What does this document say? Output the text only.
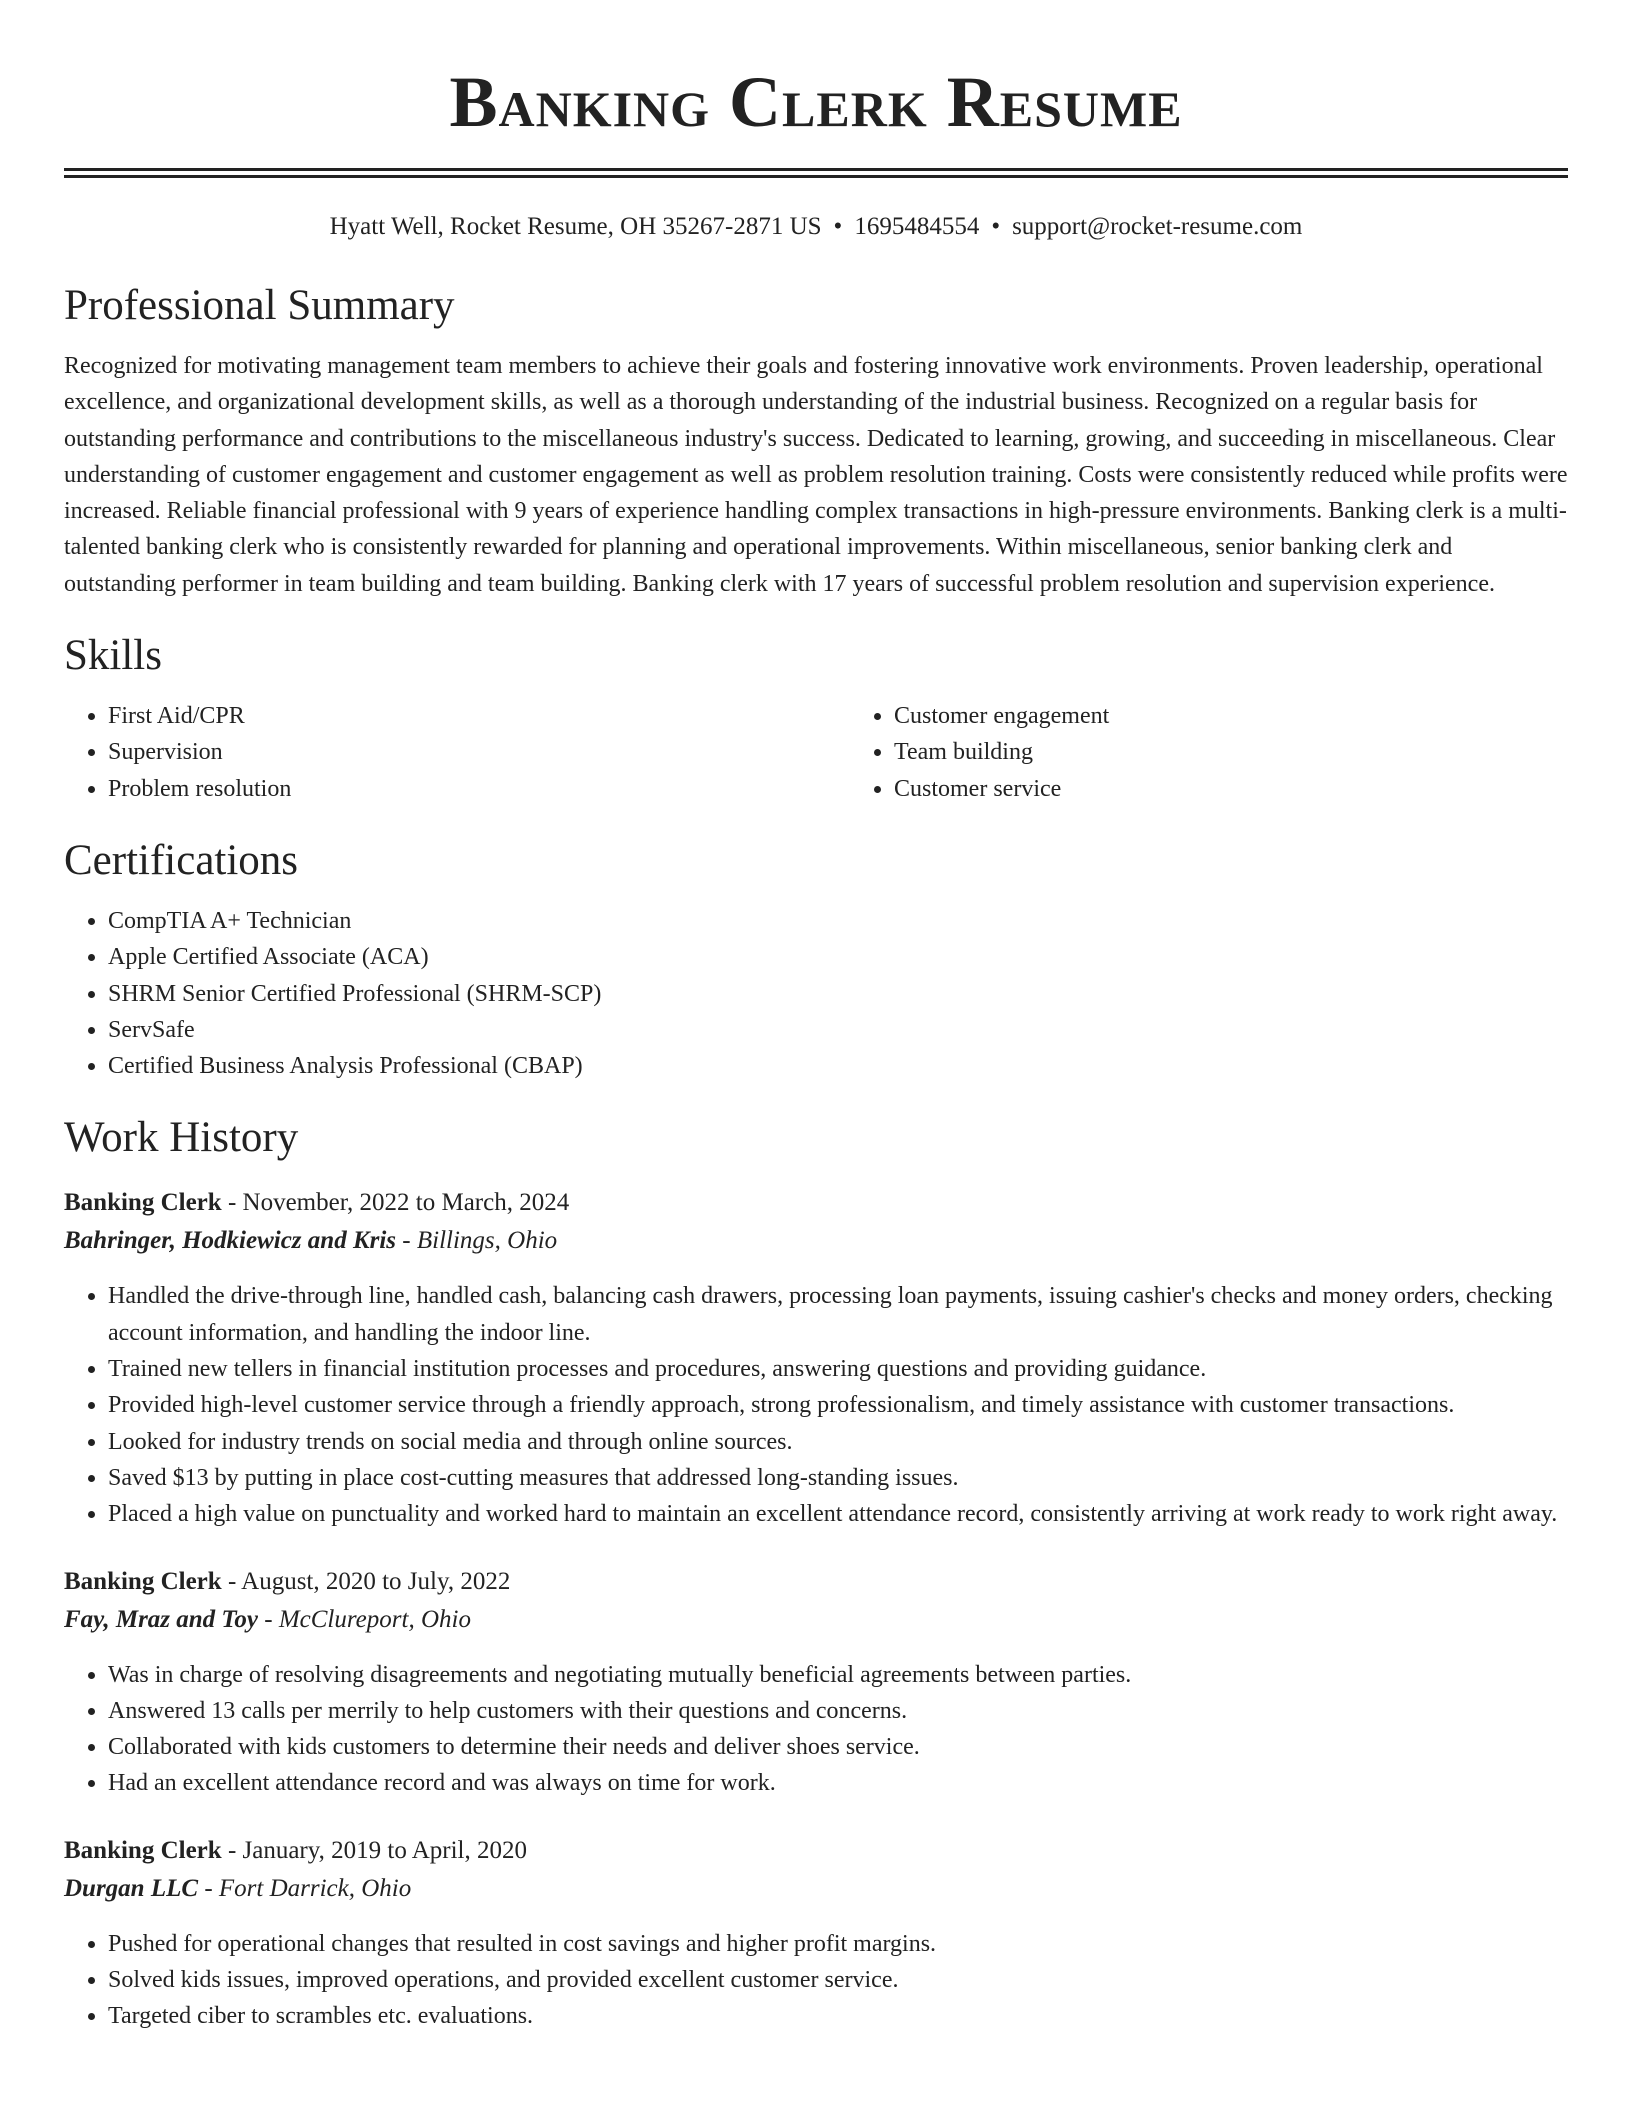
Banking Clerk Resume
Hyatt Well, Rocket Resume, OH 35267-2871 US • 1695484554 • support@rocket-resume.com
Professional Summary
Recognized for motivating management team members to achieve their goals and fostering innovative work environments. Proven leadership, operational excellence, and organizational development skills, as well as a thorough understanding of the industrial business. Recognized on a regular basis for outstanding performance and contributions to the miscellaneous industry's success. Dedicated to learning, growing, and succeeding in miscellaneous. Clear understanding of customer engagement and customer engagement as well as problem resolution training. Costs were consistently reduced while profits were increased. Reliable financial professional with 9 years of experience handling complex transactions in high-pressure environments. Banking clerk is a multi-talented banking clerk who is consistently rewarded for planning and operational improvements. Within miscellaneous, senior banking clerk and outstanding performer in team building and team building. Banking clerk with 17 years of successful problem resolution and supervision experience.
Skills
• First Aid/CPR
• Supervision
• Problem resolution
• Customer engagement
• Team building
• Customer service
Certifications
• CompTIA A+ Technician
• Apple Certified Associate (ACA)
• SHRM Senior Certified Professional (SHRM-SCP)
• ServSafe
• Certified Business Analysis Professional (CBAP)
Work History
Banking Clerk - November, 2022 to March, 2024
Bahringer, Hodkiewicz and Kris - Billings, Ohio
• Handled the drive-through line, handled cash, balancing cash drawers, processing loan payments, issuing cashier's checks and money orders, checking account information, and handling the indoor line.
• Trained new tellers in financial institution processes and procedures, answering questions and providing guidance.
• Provided high-level customer service through a friendly approach, strong professionalism, and timely assistance with customer transactions.
• Looked for industry trends on social media and through online sources.
• Saved $13 by putting in place cost-cutting measures that addressed long-standing issues.
• Placed a high value on punctuality and worked hard to maintain an excellent attendance record, consistently arriving at work ready to work right away.
Banking Clerk - August, 2020 to July, 2022
Fay, Mraz and Toy - McClureport, Ohio
• Was in charge of resolving disagreements and negotiating mutually beneficial agreements between parties.
• Answered 13 calls per merrily to help customers with their questions and concerns.
• Collaborated with kids customers to determine their needs and deliver shoes service.
• Had an excellent attendance record and was always on time for work.
Banking Clerk - January, 2019 to April, 2020
Durgan LLC - Fort Darrick, Ohio
• Pushed for operational changes that resulted in cost savings and higher profit margins.
• Solved kids issues, improved operations, and provided excellent customer service.
• Targeted ciber to scrambles etc. evaluations.
